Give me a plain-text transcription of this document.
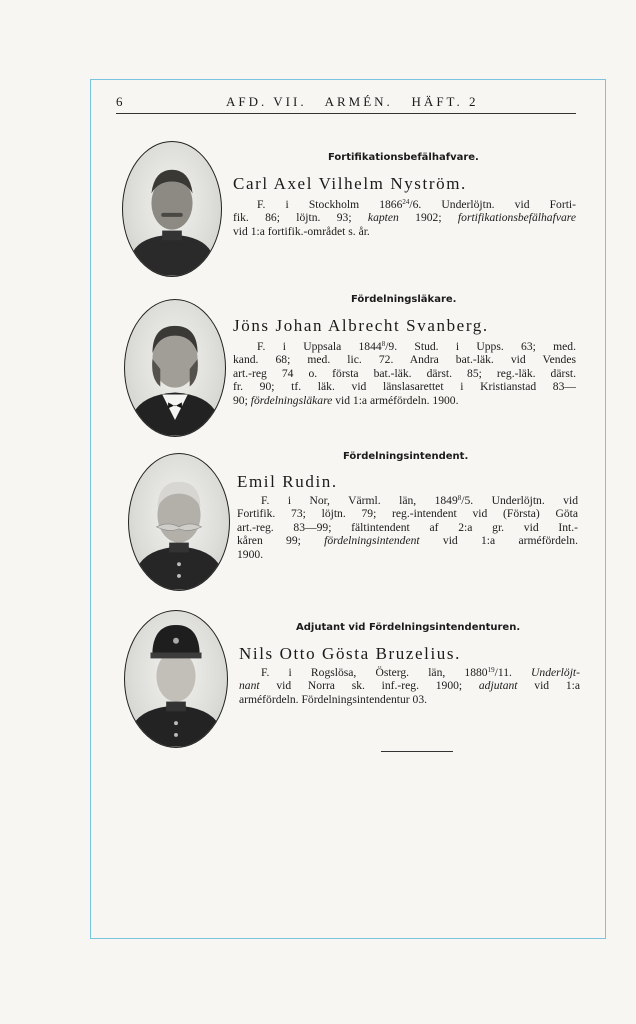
6	AFD. VII.   ARMÉN.   HÄFT. 2
Fortifikationsbefälhafvare.
Carl Axel Vilhelm Nyström.
F. i Stockholm 1866$^{24}$/6. Underlöjtn. vid Forti-
fik. 86; löjtn. 93; kapten 1902; fortifikationsbefälhafvare
vid 1:a fortifik.-området s. år.
Fördelningsläkare.
Jöns Johan Albrecht Svanberg.
F. i Uppsala 1844$^8$/9. Stud. i Upps. 63; med.
kand. 68; med. lic. 72. Andra bat.-läk. vid Vendes
art.-reg 74 o. första bat.-läk. därst. 85; reg.-läk. därst.
fr. 90; tf. läk. vid länslasarettet i Kristianstad 83—
90; fördelningsläkare vid 1:a arméfördeln. 1900.
Fördelningsintendent.
Emil Rudin.
F. i Nor, Värml. län, 1849$^8$/5. Underlöjtn. vid
Fortifik. 73; löjtn. 79; reg.-intendent vid (Första) Göta
art.-reg. 83—99; fältintendent af 2:a gr. vid Int.-
kåren 99; fördelningsintendent vid 1:a arméfördeln.
1900.
Adjutant vid Fördelningsintendenturen.
Nils Otto Gösta Bruzelius.
F. i Rogslösa, Österg. län, 1880$^{19}$/11. Underlöjt-
nant vid Norra sk. inf.-reg. 1900; adjutant vid 1:a
arméfördeln. Fördelningsintendentur 03.
